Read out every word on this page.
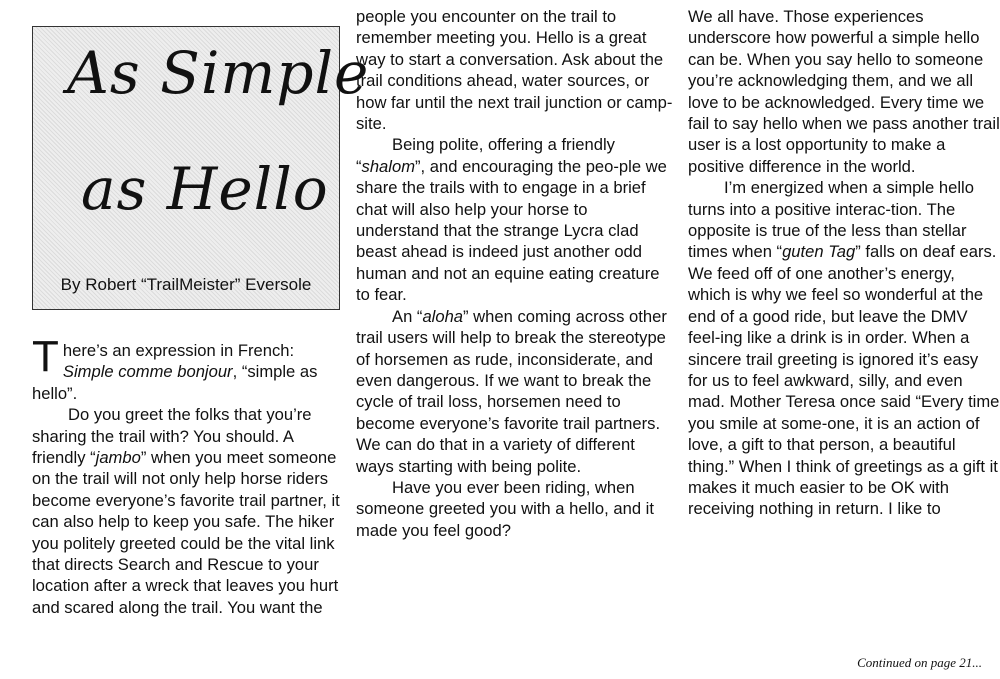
As Simple
as Hello
By Robert “TrailMeister” Eversole

There’s an expression in French: Simple comme bonjour, “simple as hello”.

Do you greet the folks that you’re sharing the trail with? You should. A friendly “jambo” when you meet someone on the trail will not only help horse riders become everyone’s favorite trail partner, it can also help to keep you safe. The hiker you politely greeted could be the vital link that directs Search and Rescue to your location after a wreck that leaves you hurt and scared along the trail. You want the

people you encounter on the trail to remember meeting you. Hello is a great way to start a conversation. Ask about the trail conditions ahead, water sources, or how far until the next trail junction or camp-site.

Being polite, offering a friendly “shalom”, and encouraging the peo-ple we share the trails with to engage in a brief chat will also help your horse to understand that the strange Lycra clad beast ahead is indeed just another odd human and not an equine eating creature to fear.

An “aloha” when coming across other trail users will help to break the stereotype of horsemen as rude, inconsiderate, and even dangerous. If we want to break the cycle of trail loss, horsemen need to become everyone’s favorite trail partners. We can do that in a variety of different ways starting with being polite.

Have you ever been riding, when someone greeted you with a hello, and it made you feel good?

We all have. Those experiences underscore how powerful a simple hello can be. When you say hello to someone you’re acknowledging them, and we all love to be acknowledged. Every time we fail to say hello when we pass another trail user is a lost opportunity to make a positive difference in the world.

I’m energized when a simple hello turns into a positive interac-tion. The opposite is true of the less than stellar times when “guten Tag” falls on deaf ears. We feed off of one another’s energy, which is why we feel so wonderful at the end of a good ride, but leave the DMV feel-ing like a drink is in order. When a sincere trail greeting is ignored it’s easy for us to feel awkward, silly, and even mad. Mother Teresa once said “Every time you smile at some-one, it is an action of love, a gift to that person, a beautiful thing.” When I think of greetings as a gift it makes it much easier to be OK with receiving nothing in return. I like to

Continued on page 21...
